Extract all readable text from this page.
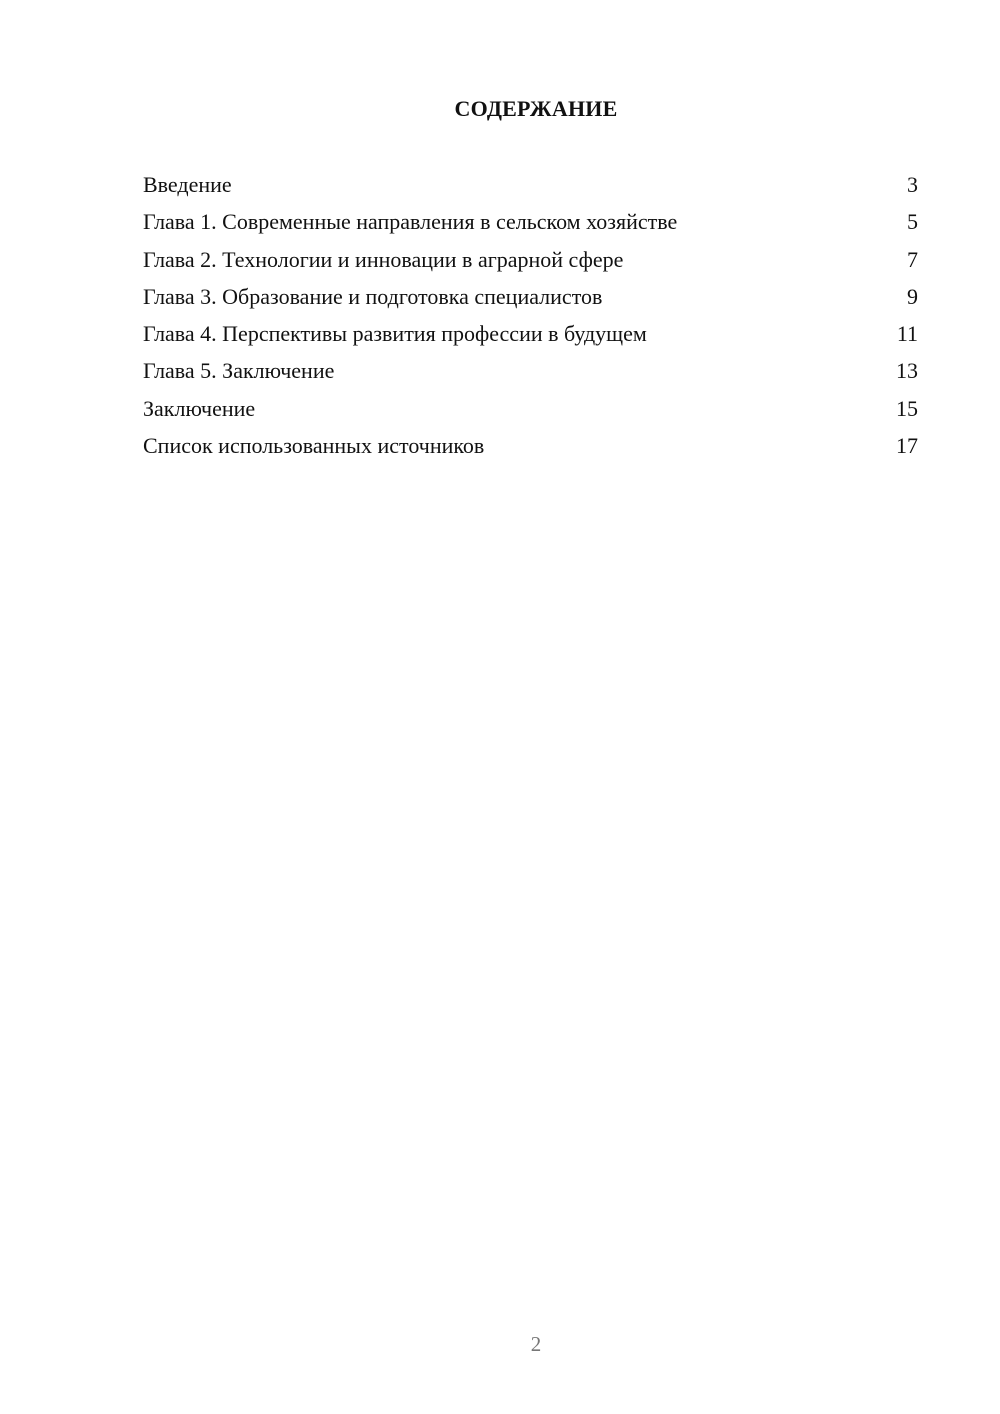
СОДЕРЖАНИЕ
Введение	3
Глава 1. Современные направления в сельском хозяйстве	5
Глава 2. Технологии и инновации в аграрной сфере	7
Глава 3. Образование и подготовка специалистов	9
Глава 4. Перспективы развития профессии в будущем	11
Глава 5. Заключение	13
Заключение	15
Список использованных источников	17
2
